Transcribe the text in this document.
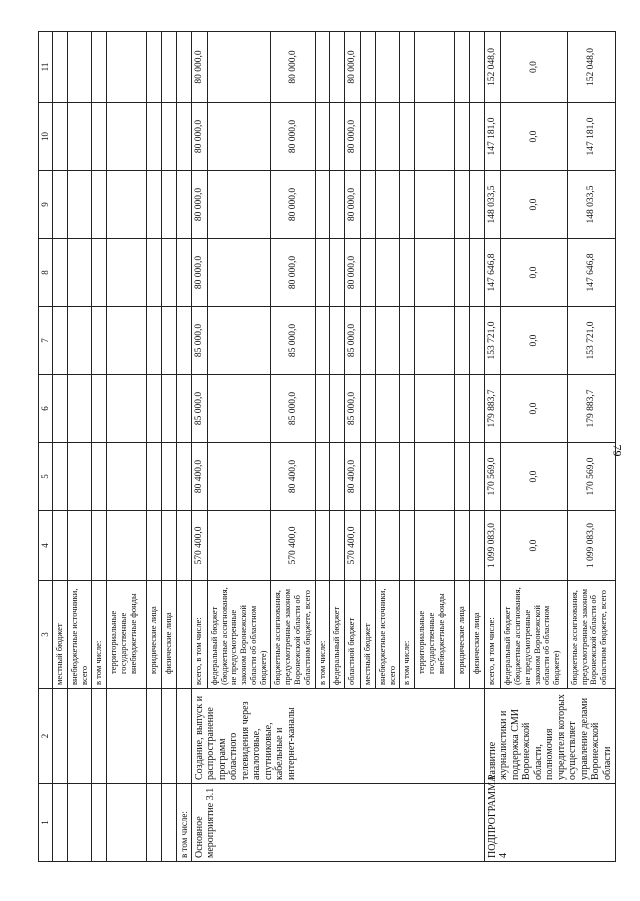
79
1	2	3	4	5	6	7	8	9	10	11
		местный бюджет								
		внебюджетные источники, всего								
		в том числе:								
		территориальные государственные внебюджетные фонды								
		юридические лица								
		физические лица								
в том числе:										
Основное мероприятие 3.1	Создание, выпуск и распространение программ областного телевидения через аналоговые, спутниковые, кабельные и интернет-каналы	всего, в том числе:	570 400,0	80 400,0	85 000,0	85 000,0	80 000,0	80 000,0	80 000,0	80 000,0
		федеральный бюджет (бюджетные ассигнования, не предусмотренные законом Воронежской области об областном бюджете)								
		бюджетные ассигнования, предусмотренные законом Воронежской области об областном бюджете, всего	570 400,0	80 400,0	85 000,0	85 000,0	80 000,0	80 000,0	80 000,0	80 000,0
		в том числе:								
		федеральный бюджет								
		областной бюджет	570 400,0	80 400,0	85 000,0	85 000,0	80 000,0	80 000,0	80 000,0	80 000,0
		местный бюджет								
		внебюджетные источники, всего								
		в том числе:								
		территориальные государственные внебюджетные фонды								
		юридические лица								
		физические лица								
ПОДПРОГРАММА 4	Развитие журналистики и поддержка СМИ Воронежской области, полномочия учредителя которых осуществляет управление делами Воронежской области	всего, в том числе:	1 099 083,0	170 569,0	179 883,7	153 721,0	147 646,8	148 033,5	147 181,0	152 048,0
		федеральный бюджет (бюджетные ассигнования, не предусмотренные законом Воронежской области об областном бюджете)	0,0	0,0	0,0	0,0	0,0	0,0	0,0	0,0
		бюджетные ассигнования, предусмотренные законом Воронежской области об областном бюджете, всего	1 099 083,0	170 569,0	179 883,7	153 721,0	147 646,8	148 033,5	147 181,0	152 048,0
